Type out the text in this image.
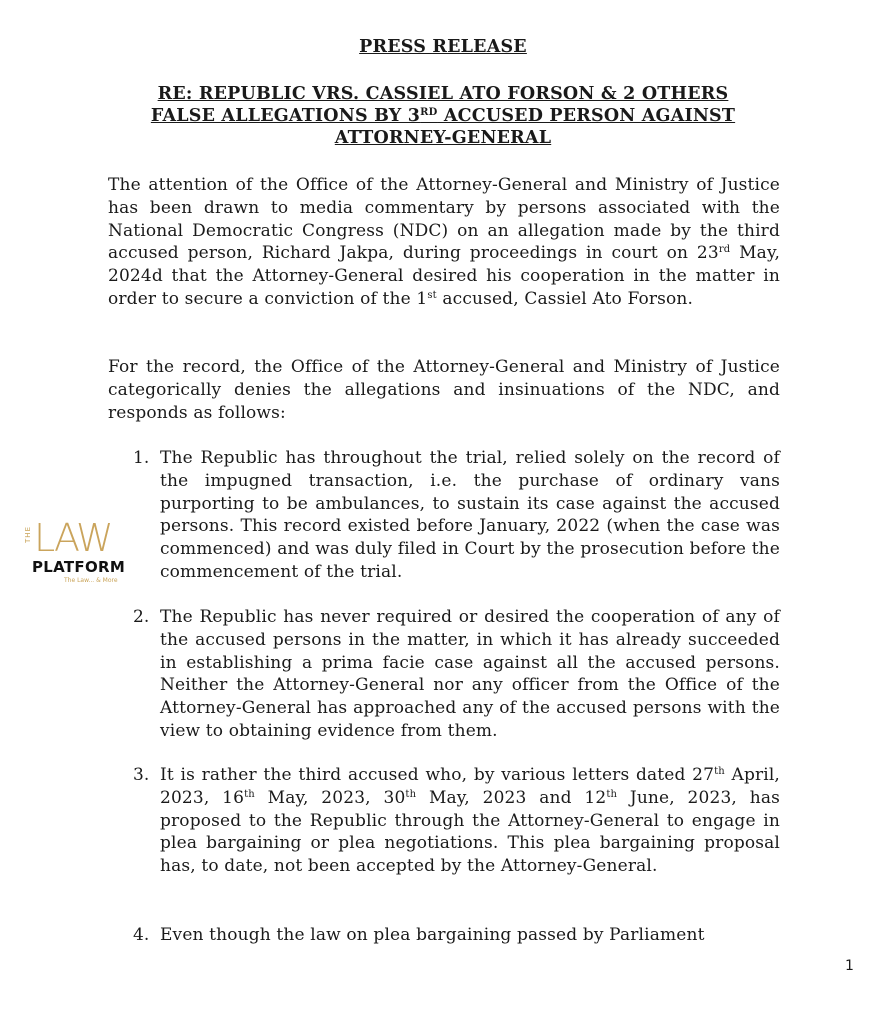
PRESS RELEASE
RE: REPUBLIC VRS. CASSIEL ATO FORSON & 2 OTHERS
FALSE ALLEGATIONS BY 3RD ACCUSED PERSON AGAINST
ATTORNEY-GENERAL

The attention of the Office of the Attorney-General and Ministry of Justice has been drawn to media commentary by persons associated with the National Democratic Congress (NDC) on an allegation made by the third accused person, Richard Jakpa, during proceedings in court on 23rd May, 2024d that the Attorney-General desired his cooperation in the matter in order to secure a conviction of the 1st accused, Cassiel Ato Forson.

For the record, the Office of the Attorney-General and Ministry of Justice categorically denies the allegations and insinuations of the NDC, and responds as follows:

1. The Republic has throughout the trial, relied solely on the record of the impugned transaction, i.e. the purchase of ordinary vans purporting to be ambulances, to sustain its case against the accused persons. This record existed before January, 2022 (when the case was commenced) and was duly filed in Court by the prosecution before the commencement of the trial.

2. The Republic has never required or desired the cooperation of any of the accused persons in the matter, in which it has already succeeded in establishing a prima facie case against all the accused persons. Neither the Attorney-General nor any officer from the Office of the Attorney-General has approached any of the accused persons with the view to obtaining evidence from them.

3. It is rather the third accused who, by various letters dated 27th April, 2023, 16th May, 2023, 30th May, 2023 and 12th June, 2023, has proposed to the Republic through the Attorney-General to engage in plea bargaining or plea negotiations. This plea bargaining proposal has, to date, not been accepted by the Attorney-General.

4. Even though the law on plea bargaining passed by Parliament

THE LAW
PLATFORM
The Law... & More
1
